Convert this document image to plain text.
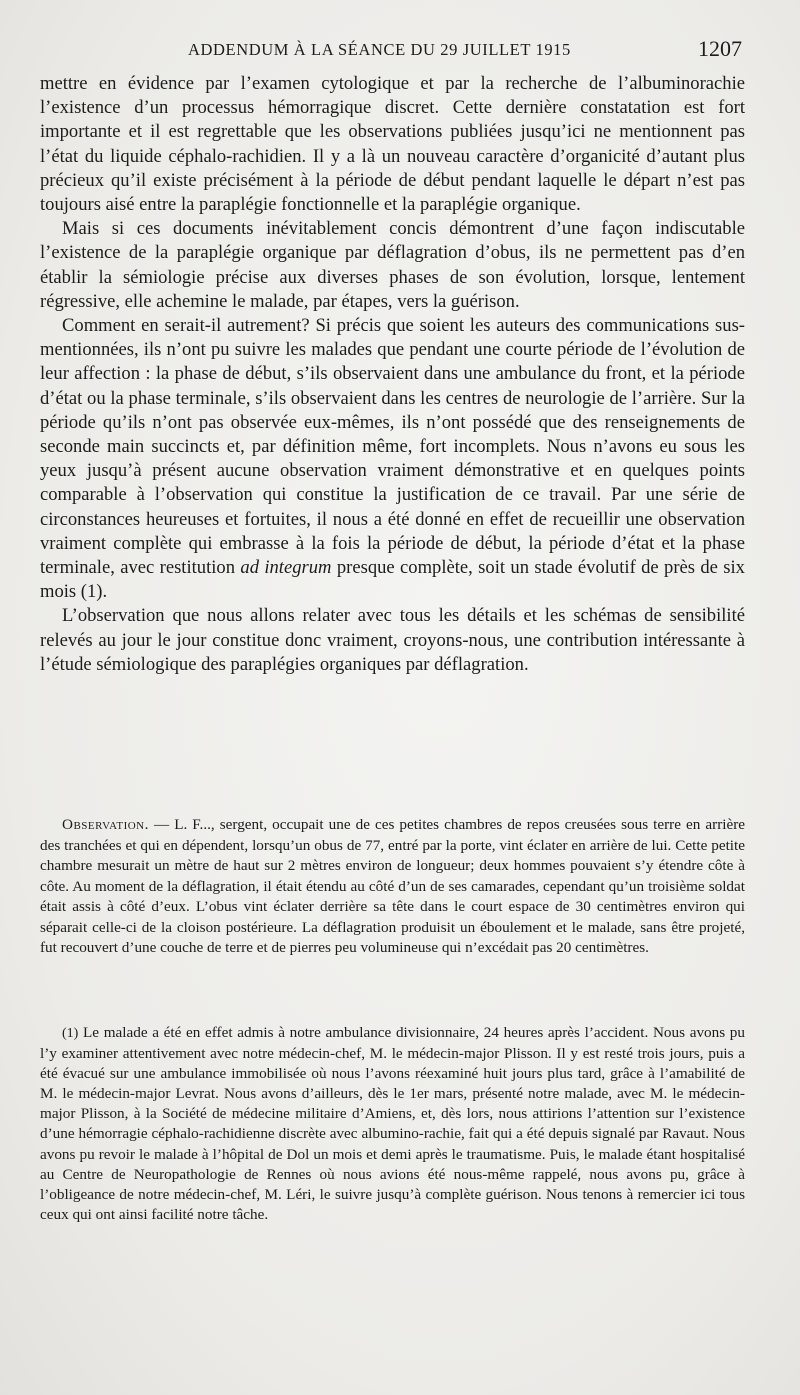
ADDENDUM À LA SÉANCE DU 29 JUILLET 1915	1207

mettre en évidence par l’examen cytologique et par la recherche de l’albuminorachie l’existence d’un processus hémorragique discret. Cette dernière constatation est fort importante et il est regrettable que les observations publiées jusqu’ici ne mentionnent pas l’état du liquide céphalo-rachidien. Il y a là un nouveau caractère d’organicité d’autant plus précieux qu’il existe précisément à la période de début pendant laquelle le départ n’est pas toujours aisé entre la paraplégie fonctionnelle et la paraplégie organique.

Mais si ces documents inévitablement concis démontrent d’une façon indiscutable l’existence de la paraplégie organique par déflagration d’obus, ils ne permettent pas d’en établir la sémiologie précise aux diverses phases de son évolution, lorsque, lentement régressive, elle achemine le malade, par étapes, vers la guérison.

Comment en serait-il autrement? Si précis que soient les auteurs des communications sus-mentionnées, ils n’ont pu suivre les malades que pendant une courte période de l’évolution de leur affection : la phase de début, s’ils observaient dans une ambulance du front, et la période d’état ou la phase terminale, s’ils observaient dans les centres de neurologie de l’arrière. Sur la période qu’ils n’ont pas observée eux-mêmes, ils n’ont possédé que des renseignements de seconde main succincts et, par définition même, fort incomplets. Nous n’avons eu sous les yeux jusqu’à présent aucune observation vraiment démonstrative et en quelques points comparable à l’observation qui constitue la justification de ce travail. Par une série de circonstances heureuses et fortuites, il nous a été donné en effet de recueillir une observation vraiment complète qui embrasse à la fois la période de début, la période d’état et la phase terminale, avec restitution ad integrum presque complète, soit un stade évolutif de près de six mois (1).

L’observation que nous allons relater avec tous les détails et les schémas de sensibilité relevés au jour le jour constitue donc vraiment, croyons-nous, une contribution intéressante à l’étude sémiologique des paraplégies organiques par déflagration.

Observation. — L. F..., sergent, occupait une de ces petites chambres de repos creusées sous terre en arrière des tranchées et qui en dépendent, lorsqu’un obus de 77, entré par la porte, vint éclater en arrière de lui. Cette petite chambre mesurait un mètre de haut sur 2 mètres environ de longueur; deux hommes pouvaient s’y étendre côte à côte. Au moment de la déflagration, il était étendu au côté d’un de ses camarades, cependant qu’un troisième soldat était assis à côté d’eux. L’obus vint éclater derrière sa tête dans le court espace de 30 centimètres environ qui séparait celle-ci de la cloison postérieure. La déflagration produisit un éboulement et le malade, sans être projeté, fut recouvert d’une couche de terre et de pierres peu volumineuse qui n’excédait pas 20 centimètres.

(1) Le malade a été en effet admis à notre ambulance divisionnaire, 24 heures après l’accident. Nous avons pu l’y examiner attentivement avec notre médecin-chef, M. le médecin-major Plisson. Il y est resté trois jours, puis a été évacué sur une ambulance immobilisée où nous l’avons réexaminé huit jours plus tard, grâce à l’amabilité de M. le médecin-major Levrat. Nous avons d’ailleurs, dès le 1er mars, présenté notre malade, avec M. le médecin-major Plisson, à la Société de médecine militaire d’Amiens, et, dès lors, nous attirions l’attention sur l’existence d’une hémorragie céphalo-rachidienne discrète avec albumino-rachie, fait qui a été depuis signalé par Ravaut. Nous avons pu revoir le malade à l’hôpital de Dol un mois et demi après le traumatisme. Puis, le malade étant hospitalisé au Centre de Neuropathologie de Rennes où nous avions été nous-même rappelé, nous avons pu, grâce à l’obligeance de notre médecin-chef, M. Léri, le suivre jusqu’à complète guérison. Nous tenons à remercier ici tous ceux qui ont ainsi facilité notre tâche.
